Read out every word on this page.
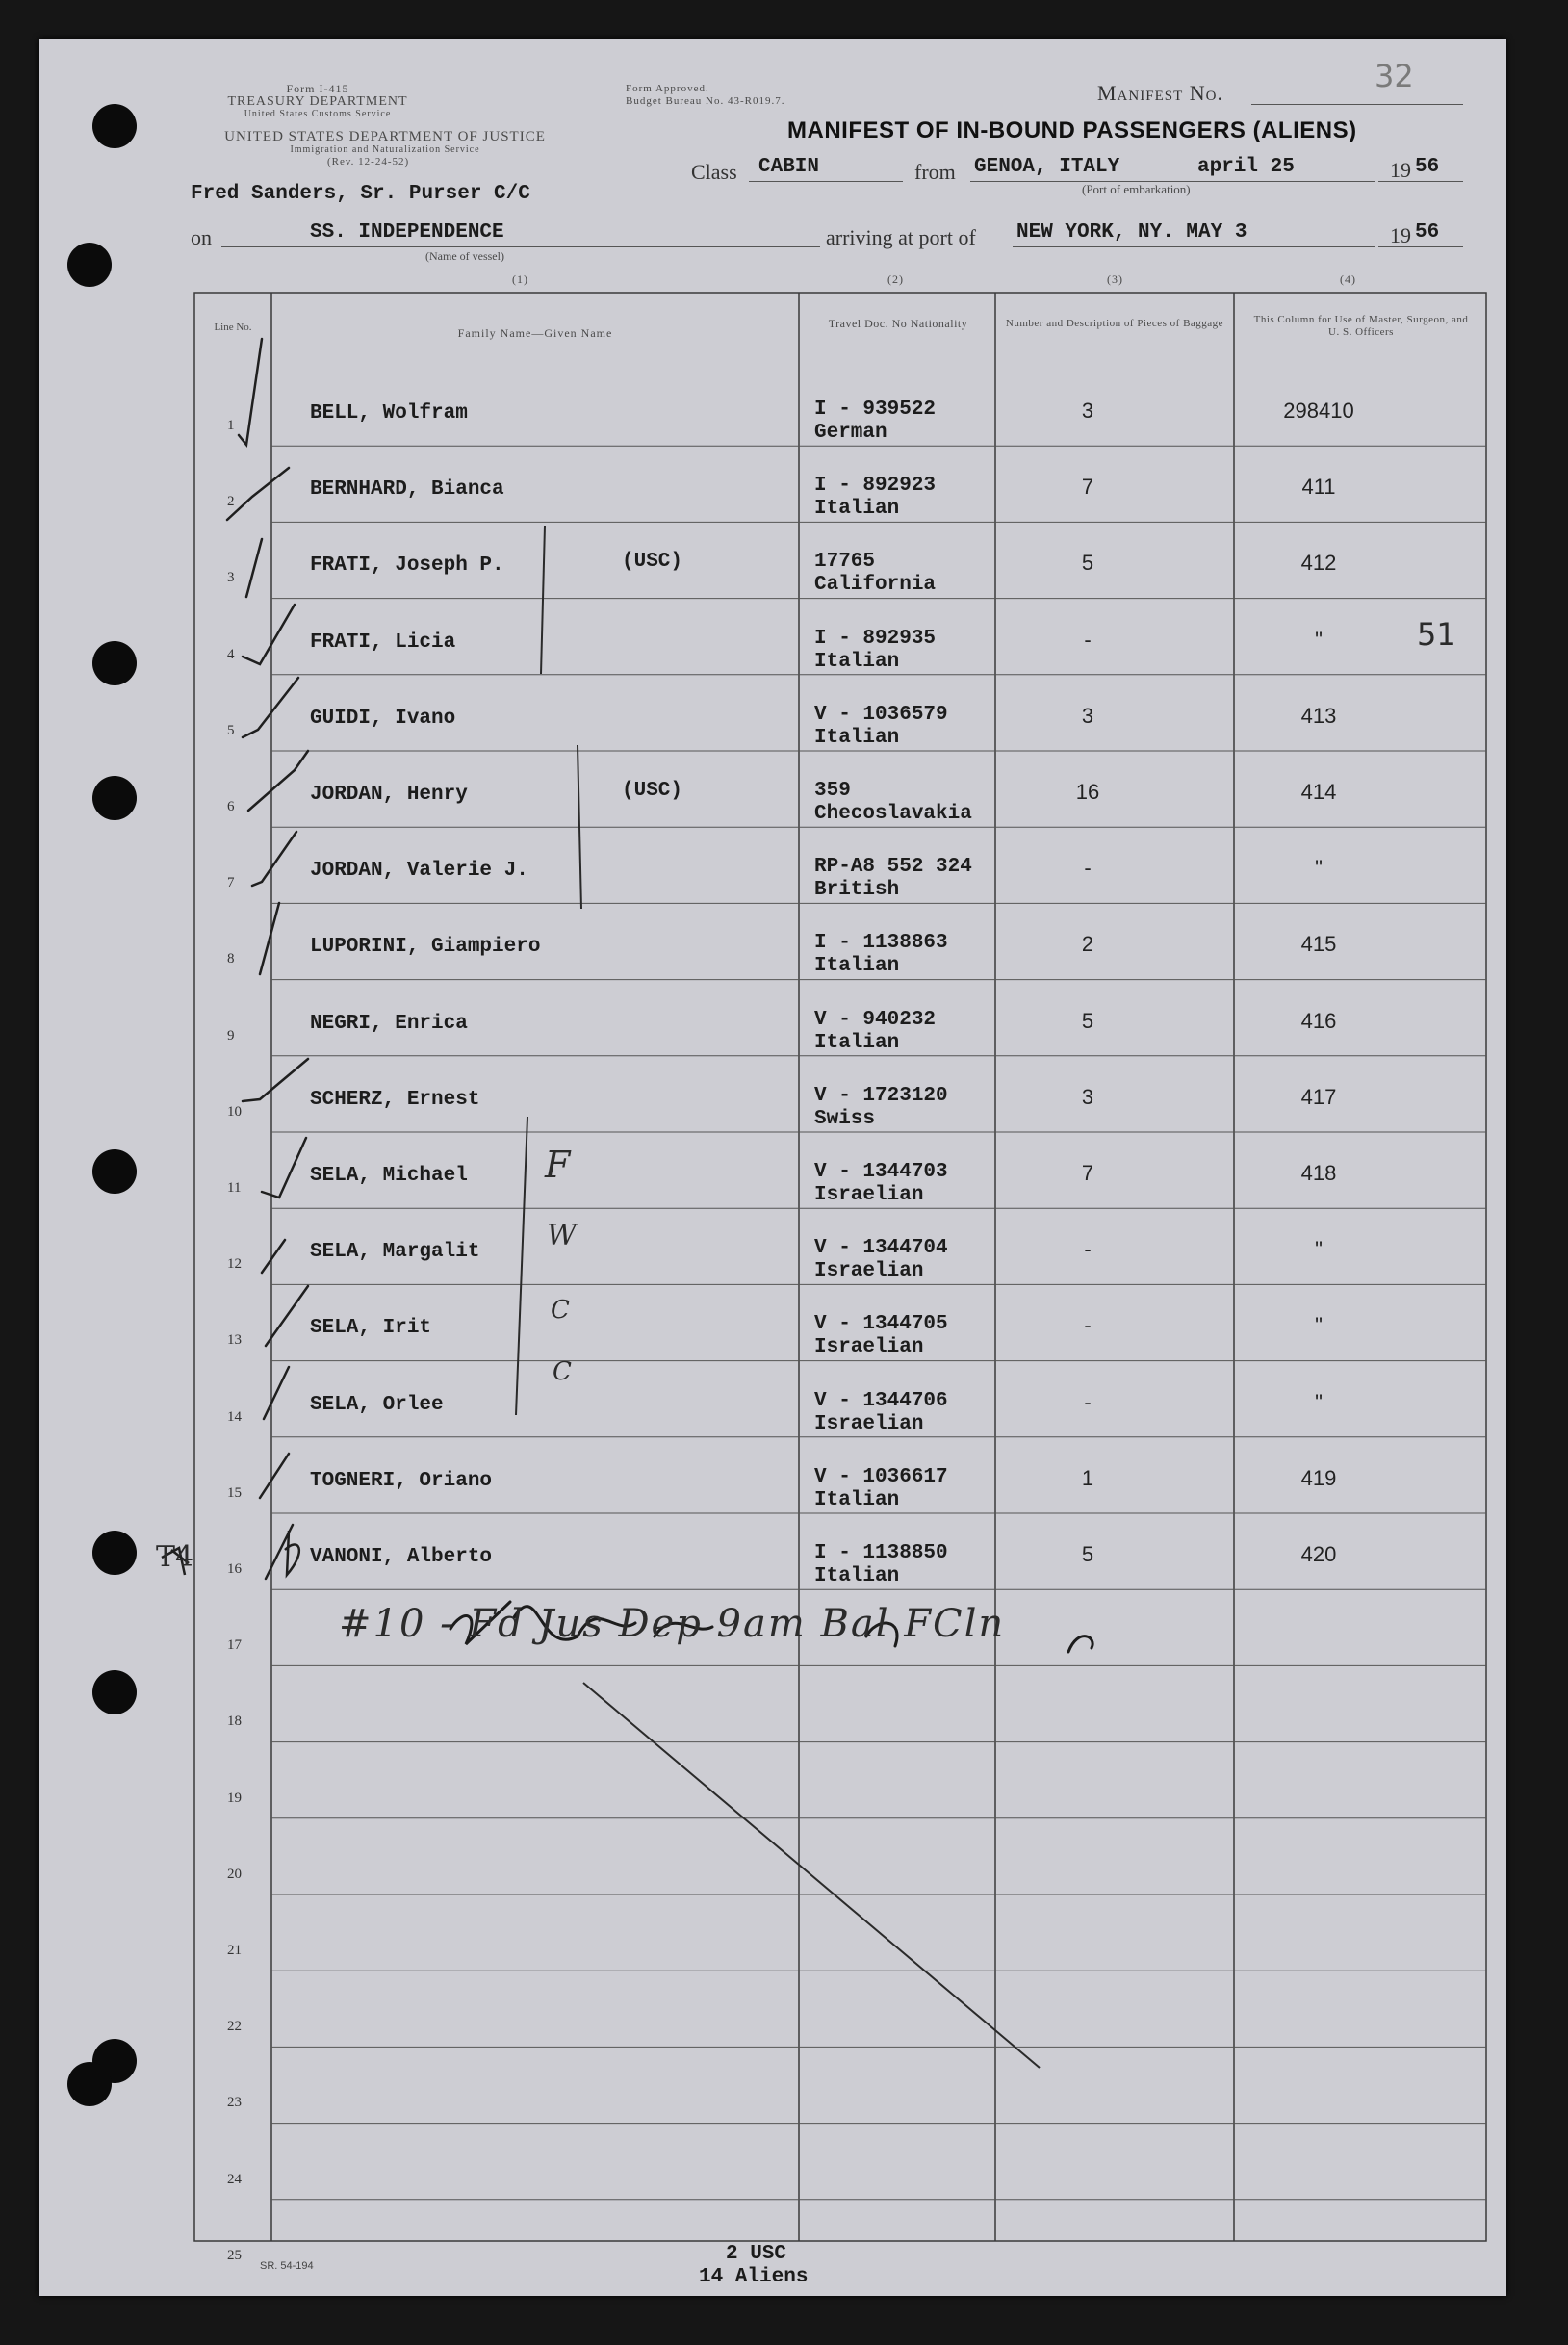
Form I-415
TREASURY DEPARTMENT
United States Customs Service
UNITED STATES DEPARTMENT OF JUSTICE
Immigration and Naturalization Service
(Rev. 12-24-52)
Form Approved.
Budget Bureau No. 43-R019.7.	Manifest No.	32
MANIFEST OF IN-BOUND PASSENGERS (ALIENS)
Class CABIN	from GENOA, ITALY	april 25	19 56
(Port of embarkation)
Fred Sanders, Sr. Purser C/C
on	SS. INDEPENDENCE
(Name of vessel)
arriving at port of NEW YORK, NY. MAY 3	19 56
(1)	(2)	(3)	(4)
Line No.	Family Name—Given Name
Travel Doc. No Nationality	Number and Description of Pieces of Baggage	This Column for Use of Master, Surgeon, and U. S. Officers
1
BELL, Wolfram	I - 939522
German
3	298410
2
BERNHARD, Bianca	I - 892923
Italian
7	411
3
FRATI, Joseph P.	(USC)	17765
California
5	412
4
FRATI, Licia	I - 892935
Italian
-	"
5
GUIDI, Ivano	V - 1036579
Italian
3	413
6
JORDAN, Henry	(USC)	359
Checoslavakia
16	414
7
JORDAN, Valerie J.	RP-A8 552 324
British
-	"
8
LUPORINI, Giampiero	I - 1138863
Italian
2	415
9
NEGRI, Enrica	V - 940232
Italian
5	416
10
SCHERZ, Ernest	V - 1723120
Swiss
3	417
11
SELA, Michael	V - 1344703
Israelian
7	418
12
SELA, Margalit	V - 1344704
Israelian
-	"
13
SELA, Irit	V - 1344705
Israelian
-	"
14
SELA, Orlee	V - 1344706
Israelian
-	"
15
TOGNERI, Oriano	V - 1036617
Italian
1	419
16
VANONI, Alberto	I - 1138850
Italian
5	420
17
18
19
20
21
22
23
24
25
51
F
W
C
C
#10 - Fd Jus Dep 9am Bal FCln
T4
SR. 54-194
2 USC
14 Aliens
